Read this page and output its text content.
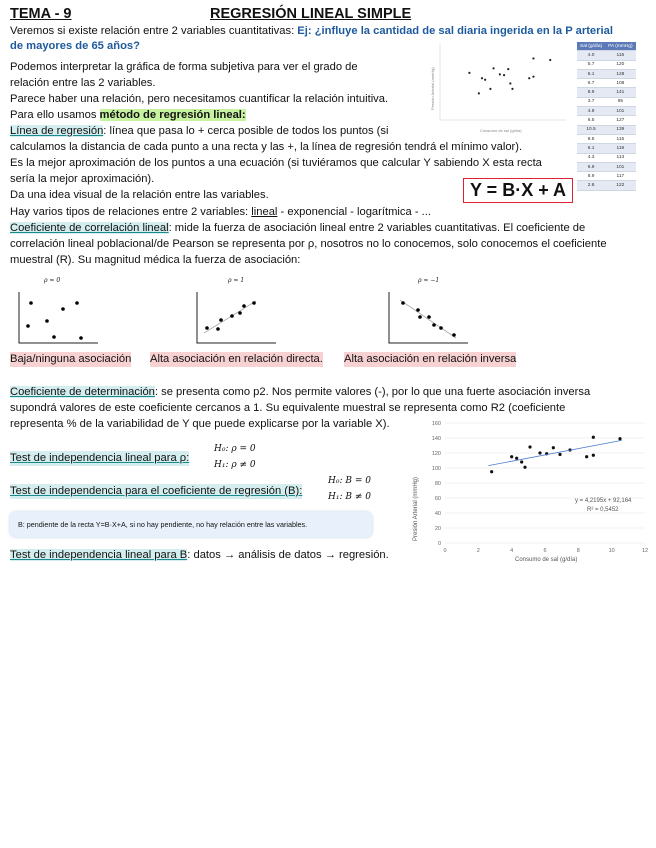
TEMA - 9	REGRESIÓN LINEAL SIMPLE
Veremos si existe relación entre 2 variables cuantitativas: Ej: ¿influye la cantidad de sal diaria ingerida en la P arterial
de mayores de 65 años?
Podemos interpretar la gráfica de forma subjetiva para ver el grado de
relación entre las 2 variables.
Parece haber una relación, pero necesitamos cuantificar la relación intuitiva.
Para ello usamos método de regresión lineal:
Línea de regresión: línea que pasa lo + cerca posible de todos los puntos (si
calculamos la distancia de cada punto a una recta y las +, la línea de regresión tendrá el mínimo valor).
Es la mejor aproximación de los puntos a una ecuación (si tuviéramos que calcular Y sabiendo X esta recta
sería la mejor aproximación).
Da una idea visual de la relación entre las variables.
Hay varios tipos de relaciones entre 2 variables: lineal - exponencial - logarítmica - ...
Coeficiente de correlación lineal: mide la fuerza de asociación lineal entre 2 variables cuantitativas. El coeficiente de
correlación lineal poblacional/de Pearson se representa por ρ, nosotros no lo conocemos, solo conocemos el coeficiente
muestral (R). Su magnitud médica la fuerza de asociación:
Y = B·X + A
Presión Arterial (mmHg)
Consumo de sal (g/día)
Sal (g/día)	PA (mmHg)
4.0	115
5.7	120
5.1	128
6.7	108
8.9	141
3.7	95
4.8	101
6.5	127
10.5	139
8.5	115
6.1	119
4.3	113
6.9	101
8.9	117
2.8	122
ρ ≈ 0	ρ ≈ 1	ρ ≈ −1
Baja/ninguna asociación Alta asociación en relación directa. Alta asociación en relación inversa
Coeficiente de determinación: se presenta como p2. Nos permite valores (-), por lo que una fuerte asociación inversa
supondrá valores de este coeficiente cercanos a 1. Su equivalente muestral se representa como R2 (coeficiente
representa % de la variabilidad de Y que puede explicarse por la variable X).
Test de independencia lineal para ρ:
H₀: ρ = 0
H₁: ρ ≠ 0
Test de independencia para el coeficiente de regresión (B):
H₀: B = 0
H₁: B ≠ 0
B: pendiente de la recta Y=B·X+A, si no hay pendiente, no hay relación entre las variables.
Test de independencia lineal para B: datos → análisis de datos → regresión.
0
20
40
60
80
100
120
140
160
0	2	4	6	8	10	12
y = 4,2195x + 92,164
R² = 0,5452
Consumo de sal (g/día)
Presión Arterial (mmHg)
